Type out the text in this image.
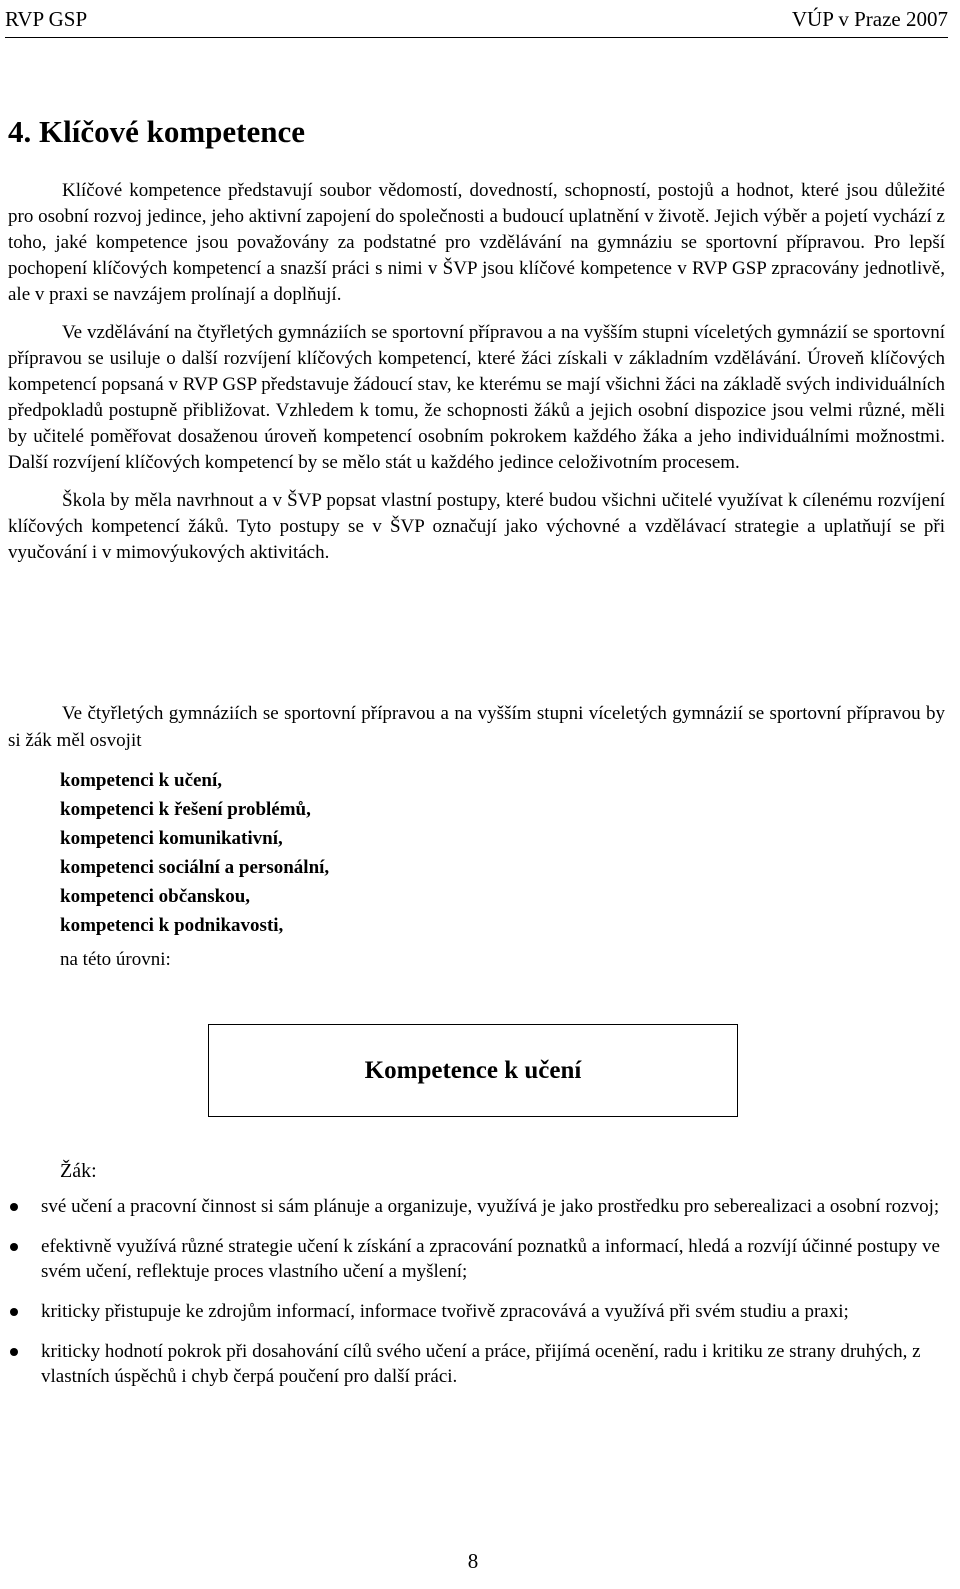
RVP GSP	VÚP v Praze 2007
4. Klíčové kompetence

Klíčové kompetence představují soubor vědomostí, dovedností, schopností, postojů a hodnot, které jsou důležité pro osobní rozvoj jedince, jeho aktivní zapojení do společnosti a budoucí uplatnění v životě. Jejich výběr a pojetí vychází z toho, jaké kompetence jsou považovány za podstatné pro vzdělávání na gymnáziu se sportovní přípravou. Pro lepší pochopení klíčových kompetencí a snazší práci s nimi v ŠVP jsou klíčové kompetence v RVP GSP zpracovány jednotlivě, ale v praxi se navzájem prolínají a doplňují.

Ve vzdělávání na čtyřletých gymnáziích se sportovní přípravou a na vyšším stupni víceletých gymnázií se sportovní přípravou se usiluje o další rozvíjení klíčových kompetencí, které žáci získali v základním vzdělávání. Úroveň klíčových kompetencí popsaná v RVP GSP představuje žádoucí stav, ke kterému se mají všichni žáci na základě svých individuálních předpokladů postupně přibližovat. Vzhledem k tomu, že schopnosti žáků a jejich osobní dispozice jsou velmi různé, měli by učitelé poměřovat dosaženou úroveň kompetencí osobním pokrokem každého žáka a jeho individuálními možnostmi. Další rozvíjení klíčových kompetencí by se mělo stát u každého jedince celoživotním procesem.

Škola by měla navrhnout a v ŠVP popsat vlastní postupy, které budou všichni učitelé využívat k cílenému rozvíjení klíčových kompetencí žáků. Tyto postupy se v ŠVP označují jako výchovné a vzdělávací strategie a uplatňují se při vyučování i v mimovýukových aktivitách.

Ve čtyřletých gymnáziích se sportovní přípravou a na vyšším stupni víceletých gymnázií se sportovní přípravou by si žák měl osvojit

kompetenci k učení,
kompetenci k řešení problémů,
kompetenci komunikativní,
kompetenci sociální a personální,
kompetenci občanskou,
kompetenci k podnikavosti,

na této úrovni:

Kompetence k učení

Žák:

své učení a pracovní činnost si sám plánuje a organizuje, využívá je jako prostředku pro seberealizaci a osobní rozvoj;
efektivně využívá různé strategie učení k získání a zpracování poznatků a informací, hledá a rozvíjí účinné postupy ve svém učení, reflektuje proces vlastního učení a myšlení;
kriticky přistupuje ke zdrojům informací, informace tvořivě zpracovává a využívá při svém studiu a praxi;
kriticky hodnotí pokrok při dosahování cílů svého učení a práce, přijímá ocenění, radu i kritiku ze strany druhých, z vlastních úspěchů i chyb čerpá poučení pro další práci.
8
